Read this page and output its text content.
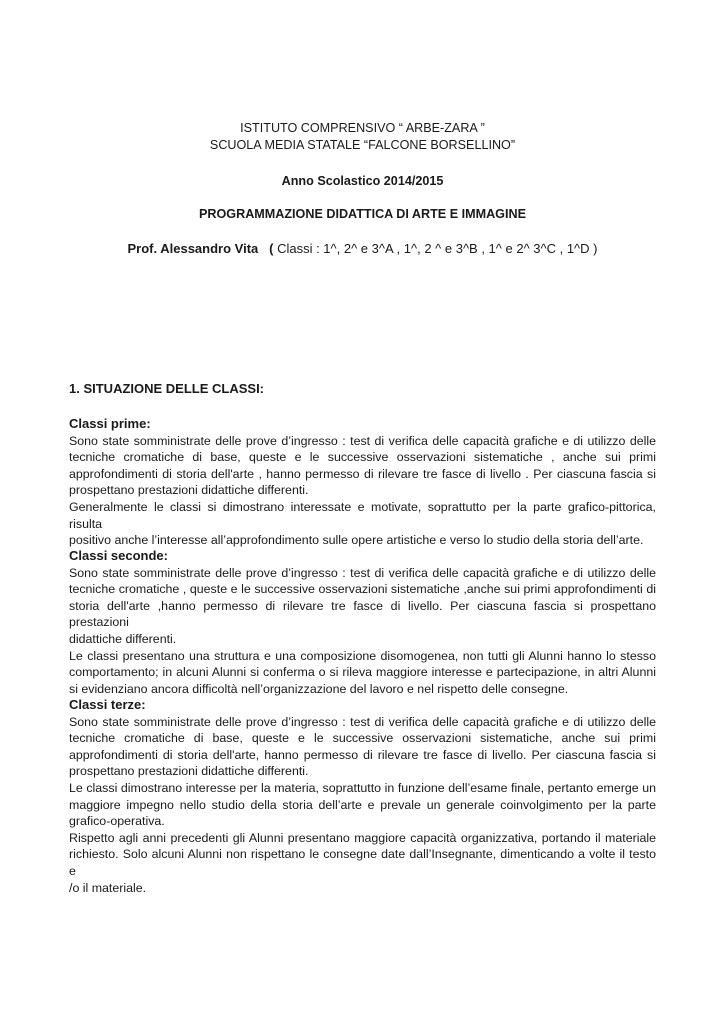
ISTITUTO COMPRENSIVO “ ARBE-ZARA ”
SCUOLA MEDIA STATALE “FALCONE BORSELLINO”
Anno Scolastico 2014/2015
PROGRAMMAZIONE DIDATTICA DI ARTE E IMMAGINE
Prof. Alessandro Vita ( Classi : 1^, 2^ e 3^A , 1^, 2 ^ e 3^B , 1^ e 2^ 3^C , 1^D )
1. SITUAZIONE DELLE CLASSI:
Classi prime:
Sono state somministrate delle prove d’ingresso : test di verifica delle capacità grafiche e di utilizzo delle
tecniche cromatiche di base, queste e le successive osservazioni sistematiche , anche sui primi
approfondimenti di storia dell'arte , hanno permesso di rilevare tre fasce di livello . Per ciascuna fascia si
prospettano prestazioni didattiche differenti.
Generalmente le classi si dimostrano interessate e motivate, soprattutto per la parte grafico-pittorica, risulta
positivo anche l’interesse all’approfondimento sulle opere artistiche e verso lo studio della storia dell’arte.
Classi seconde:
Sono state somministrate delle prove d’ingresso : test di verifica delle capacità grafiche e di utilizzo delle
tecniche cromatiche , queste e le successive osservazioni sistematiche ,anche sui primi approfondimenti di
storia dell'arte ,hanno permesso di rilevare tre fasce di livello. Per ciascuna fascia si prospettano prestazioni
didattiche differenti.
Le classi presentano una struttura e una composizione disomogenea, non tutti gli Alunni hanno lo stesso
comportamento; in alcuni Alunni si conferma o si rileva maggiore interesse e partecipazione, in altri Alunni
si evidenziano ancora difficoltà nell’organizzazione del lavoro e nel rispetto delle consegne.
Classi terze:
Sono state somministrate delle prove d’ingresso : test di verifica delle capacità grafiche e di utilizzo delle
tecniche cromatiche di base, queste e le successive osservazioni sistematiche, anche sui primi
approfondimenti di storia dell'arte, hanno permesso di rilevare tre fasce di livello. Per ciascuna fascia si
prospettano prestazioni didattiche differenti.
Le classi dimostrano interesse per la materia, soprattutto in funzione dell’esame finale, pertanto emerge un
maggiore impegno nello studio della storia dell’arte e prevale un generale coinvolgimento per la parte
grafico-operativa.
Rispetto agli anni precedenti gli Alunni presentano maggiore capacità organizzativa, portando il materiale
richiesto. Solo alcuni Alunni non rispettano le consegne date dall’Insegnante, dimenticando a volte il testo e
/o il materiale.
